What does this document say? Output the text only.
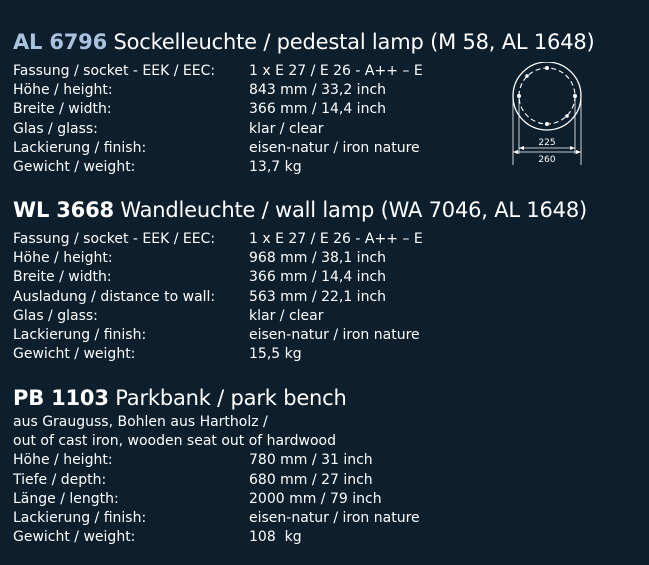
AL 6796 Sockelleuchte / pedestal lamp (M 58, AL 1648)
Fassung / socket - EEK / EEC:	1 x E 27 / E 26 - A++ – E
Höhe / height:	843 mm / 33,2 inch
Breite / width:	366 mm / 14,4 inch
Glas / glass:	klar / clear
Lackierung / finish:	eisen-natur / iron nature
Gewicht / weight:	13,7 kg
225
260
WL 3668 Wandleuchte / wall lamp (WA 7046, AL 1648)
Fassung / socket - EEK / EEC:	1 x E 27 / E 26 - A++ – E
Höhe / height:	968 mm / 38,1 inch
Breite / width:	366 mm / 14,4 inch
Ausladung / distance to wall:	563 mm / 22,1 inch
Glas / glass:	klar / clear
Lackierung / finish:	eisen-natur / iron nature
Gewicht / weight:	15,5 kg
PB 1103 Parkbank / park bench
aus Grauguss, Bohlen aus Hartholz /
out of cast iron, wooden seat out of hardwood
Höhe / height:	780 mm / 31 inch
Tiefe / depth:	680 mm / 27 inch
Länge / length:	2000 mm / 79 inch
Lackierung / finish:	eisen-natur / iron nature
Gewicht / weight:	108  kg
